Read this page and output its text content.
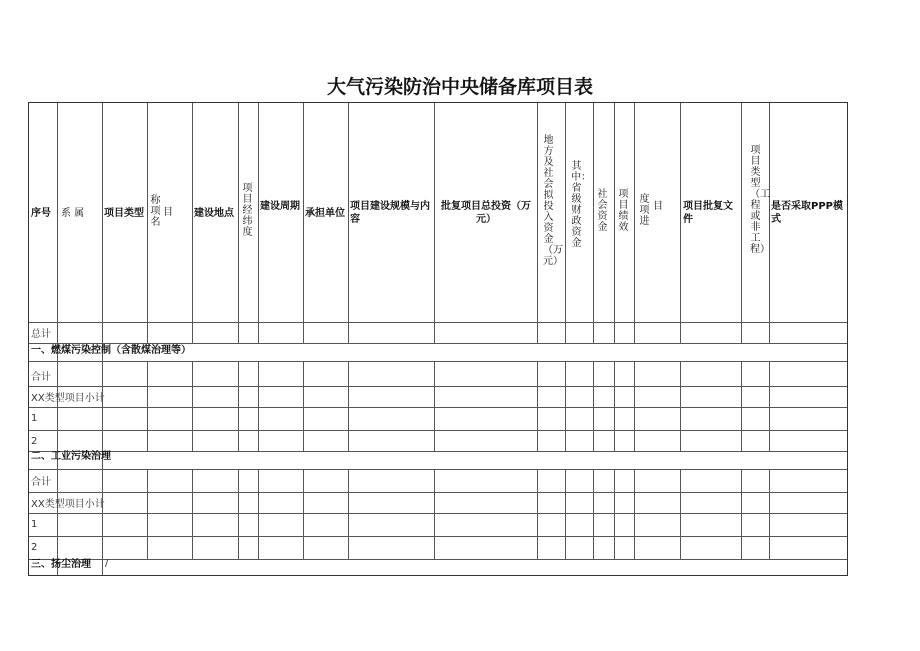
大气污染防治中央储备库项目表
序号 系 属 项目类型
称项名
目 建设地点
项目经纬度
建设周期
承担单位
项目建设规模与内容
批复项目总投资（万元）
地方及社会拟投入资金（万元）
其中：省级财政资金
社会资金
项目绩效
度项进
目 项目批复文件
项目类型（工程或非工程）
是否采取PPP模式
总计
一、燃煤污染控制（含散煤治理等）
合计
XX类型项目小计
1
2
二、工业污染治理
合计
XX类型项目小计
1
2
三、扬尘治理 /
